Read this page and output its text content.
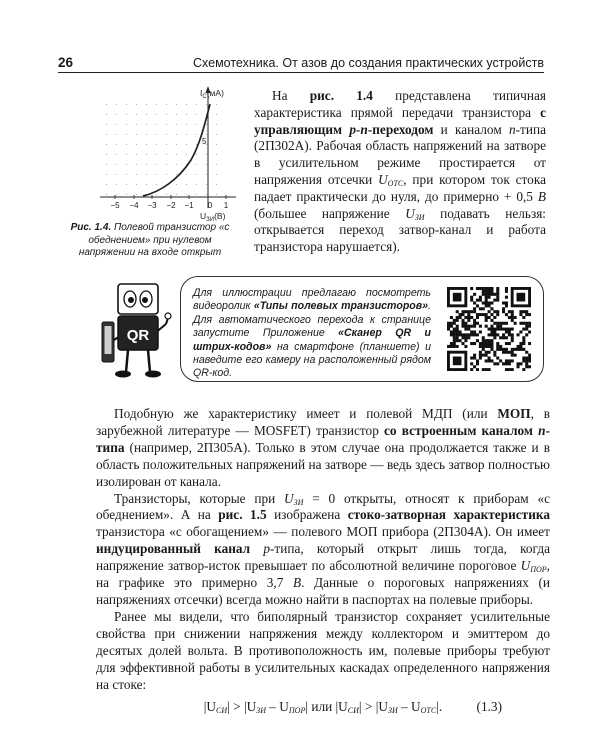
26	Схемотехника. От азов до создания практических устройств
5
$I_С(мA)$
−5 −4 −3 −2 −1 0 1
$U_{ЗИ}(В)$
Рис. 1.4. Полевой транзистор «с обеднением» при нулевом напряжении на входе открыт
На рис. 1.4 представлена типичная характеристика прямой передачи транзистора с управляющим p-n-переходом и каналом n-типа (2П302А). Рабочая область напряжений на затворе в усилительном режиме простирается от напряжения отсечки $U_{ОТС}$, при котором ток стока падает практически до нуля, до примерно + 0,5 В (большее напряжение $U_{ЗИ}$ подавать нельзя: открывается переход затвор-канал и работа транзистора нарушается).
QR
Для иллюстрации предлагаю посмотреть видеоролик «Типы полевых транзисторов». Для автоматического перехода к странице запустите Приложение «Сканер QR и штрих-кодов» на смартфоне (планшете) и наведите его камеру на расположенный рядом QR-код.

Подобную же характеристику имеет и полевой МДП (или МОП, в зарубежной литературе — MOSFET) транзистор со встроенным каналом n-типа (например, 2П305А). Только в этом случае она продолжается также и в область положительных напряжений на затворе — ведь здесь затвор полностью изолирован от канала.

Транзисторы, которые при $U_{ЗИ} = 0$ открыты, относят к приборам «с обеднением». А на рис. 1.5 изображена стоко-затворная характеристика транзистора «с обогащением» — полевого МОП прибора (2П304А). Он имеет индуцированный канал p-типа, который открыт лишь тогда, когда напряжение затвор-исток превышает по абсолютной величине пороговое $U_{ПОР}$, на графике это примерно 3,7 В. Данные о пороговых напряжениях (и напряжениях отсечки) всегда можно найти в паспортах на полевые приборы.

Ранее мы видели, что биполярный транзистор сохраняет усилительные свойства при снижении напряжения между коллектором и эмиттером до десятых долей вольта. В противоположность им, полевые приборы требуют для эффективной работы в усилительных каскадах определенного напряжения на стоке:

$|U_{СИ}| > |U_{ЗИ} - U_{ПОР}|$ или $|U_{СИ}| > |U_{ЗИ} - U_{ОТС}|$.	(1.3)
